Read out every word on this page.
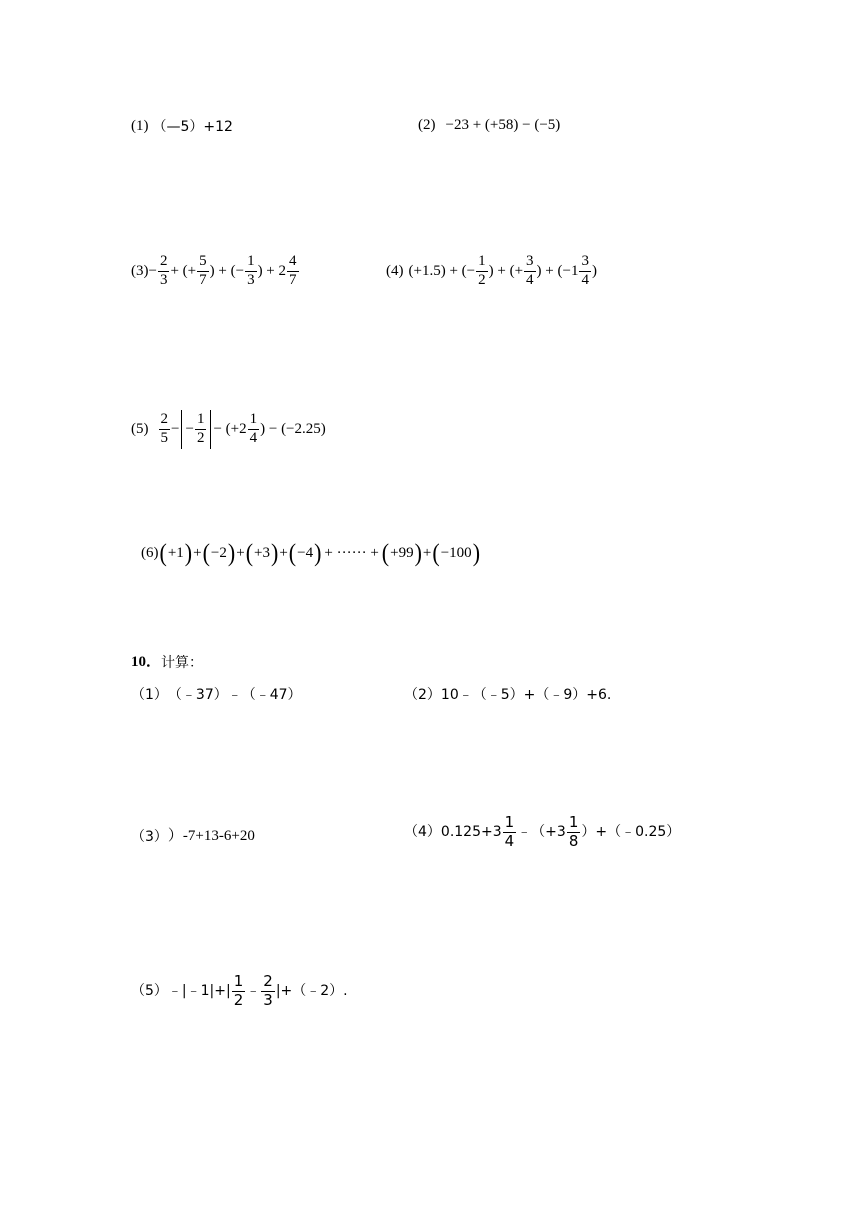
(1) （—5）+12	(2) −23 + (+58) − (−5)
$(3) - \frac{2}{3}$ + (+ $\frac{5}{7}$ ) + (− $\frac{1}{3}$ ) + $2 \frac{4}{7}$	(4) (+1.5) + (− $\frac{1}{2}$ ) + (+ $\frac{3}{4}$ ) + ($-1 \frac{3}{4}$ )
$(5) \frac{2}{5}$ − − $\frac{1}{2} - (+2 \frac{1}{4}$ ) − (−2.25)
(6) ( +1 ) + ( −2 ) + ( +3 ) + ( −4 ) + ······ + ( +99 ) + ( −100 )
10． 计算：
（1） （﹣37）﹣（﹣47）	（2） 10﹣（﹣5）+（﹣9）+6.
（3） ）-7+13-6+20	（4） $0.125+3 \frac{1}{4}$ ﹣（+3 $\frac{1}{8}$ ）+（﹣0.25）
（5） ﹣|﹣1|+| $\frac{1}{2}$ ﹣ $\frac{2}{3}$ |+（﹣2）.
